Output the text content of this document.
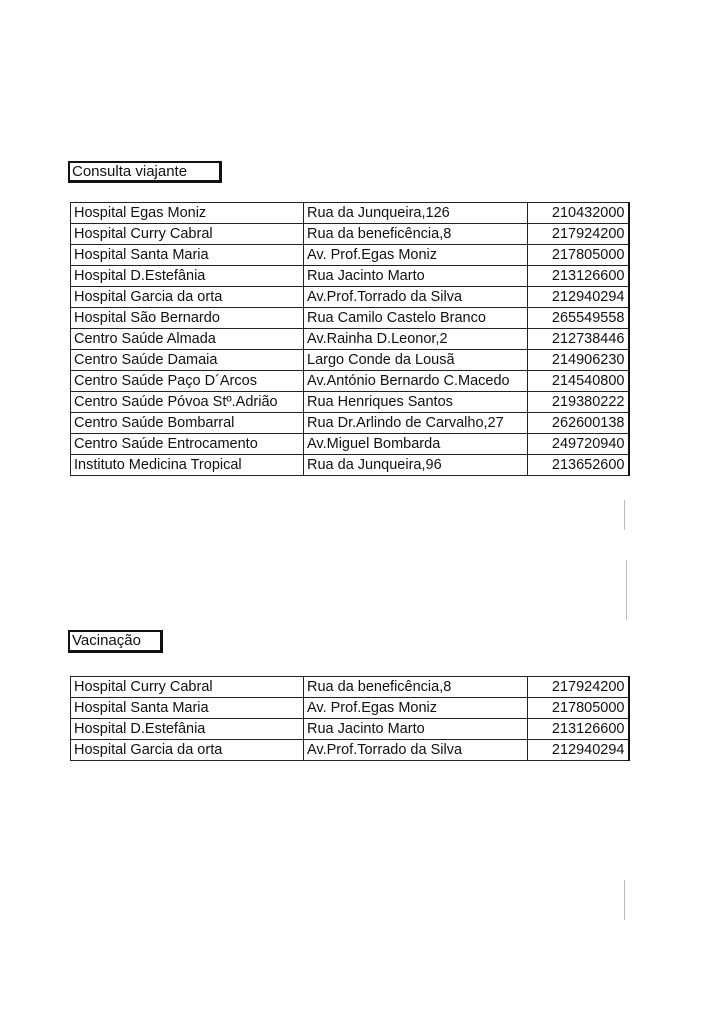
Consulta viajante
Hospital Egas Moniz	Rua da Junqueira,126	210432000
Hospital Curry Cabral	Rua da beneficência,8	217924200
Hospital Santa Maria	Av. Prof.Egas Moniz	217805000
Hospital D.Estefânia	Rua Jacinto Marto	213126600
Hospital Garcia da orta	Av.Prof.Torrado da Silva	212940294
Hospital São Bernardo	Rua Camilo Castelo Branco	265549558
Centro Saúde Almada	Av.Rainha D.Leonor,2	212738446
Centro Saúde Damaia	Largo Conde da Lousã	214906230
Centro Saúde Paço D´Arcos	Av.António Bernardo C.Macedo	214540800
Centro Saúde Póvoa Stº.Adrião	Rua Henriques Santos	219380222
Centro Saúde Bombarral	Rua Dr.Arlindo de Carvalho,27	262600138
Centro Saúde Entrocamento	Av.Miguel Bombarda	249720940
Instituto Medicina Tropical	Rua da Junqueira,96	213652600
Vacinação
Hospital Curry Cabral	Rua da beneficência,8	217924200
Hospital Santa Maria	Av. Prof.Egas Moniz	217805000
Hospital D.Estefânia	Rua Jacinto Marto	213126600
Hospital Garcia da orta	Av.Prof.Torrado da Silva	212940294
